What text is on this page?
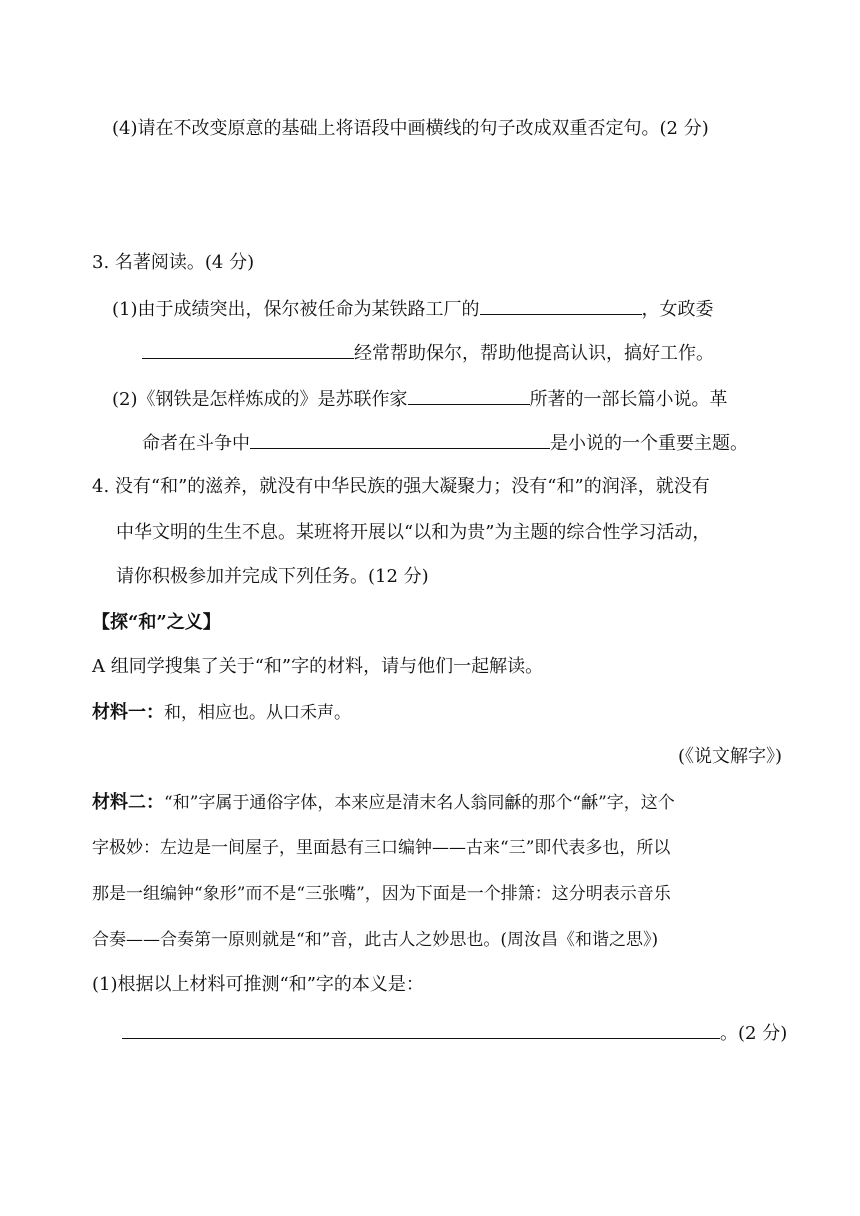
(4)请在不改变原意的基础上将语段中画横线的句子改成双重否定句。(2 分)
3. 名著阅读。(4 分)
(1)由于成绩突出，保尔被任命为某铁路工厂的	，女政委
经常帮助保尔，帮助他提高认识，搞好工作。
(2)《钢铁是怎样炼成的》是苏联作家	所著的一部长篇小说。革
命者在斗争中	是小说的一个重要主题。
4. 没有“和”的滋养，就没有中华民族的强大凝聚力；没有“和”的润泽，就没有
中华文明的生生不息。某班将开展以“以和为贵”为主题的综合性学习活动，
请你积极参加并完成下列任务。(12 分)
【探“和”之义】
A 组同学搜集了关于“和”字的材料，请与他们一起解读。
材料一：和，相应也。从口禾声。
(《说文解字》)
材料二：“和”字属于通俗字体，本来应是清末名人翁同龢的那个“龢”字，这个
字极妙：左边是一间屋子，里面悬有三口编钟——古来“三”即代表多也，所以
那是一组编钟“象形”而不是“三张嘴”，因为下面是一个排箫：这分明表示音乐
合奏——合奏第一原则就是“和”音，此古人之妙思也。(周汝昌《和谐之思》)
(1)根据以上材料可推测“和”字的本义是：
。(2 分)
